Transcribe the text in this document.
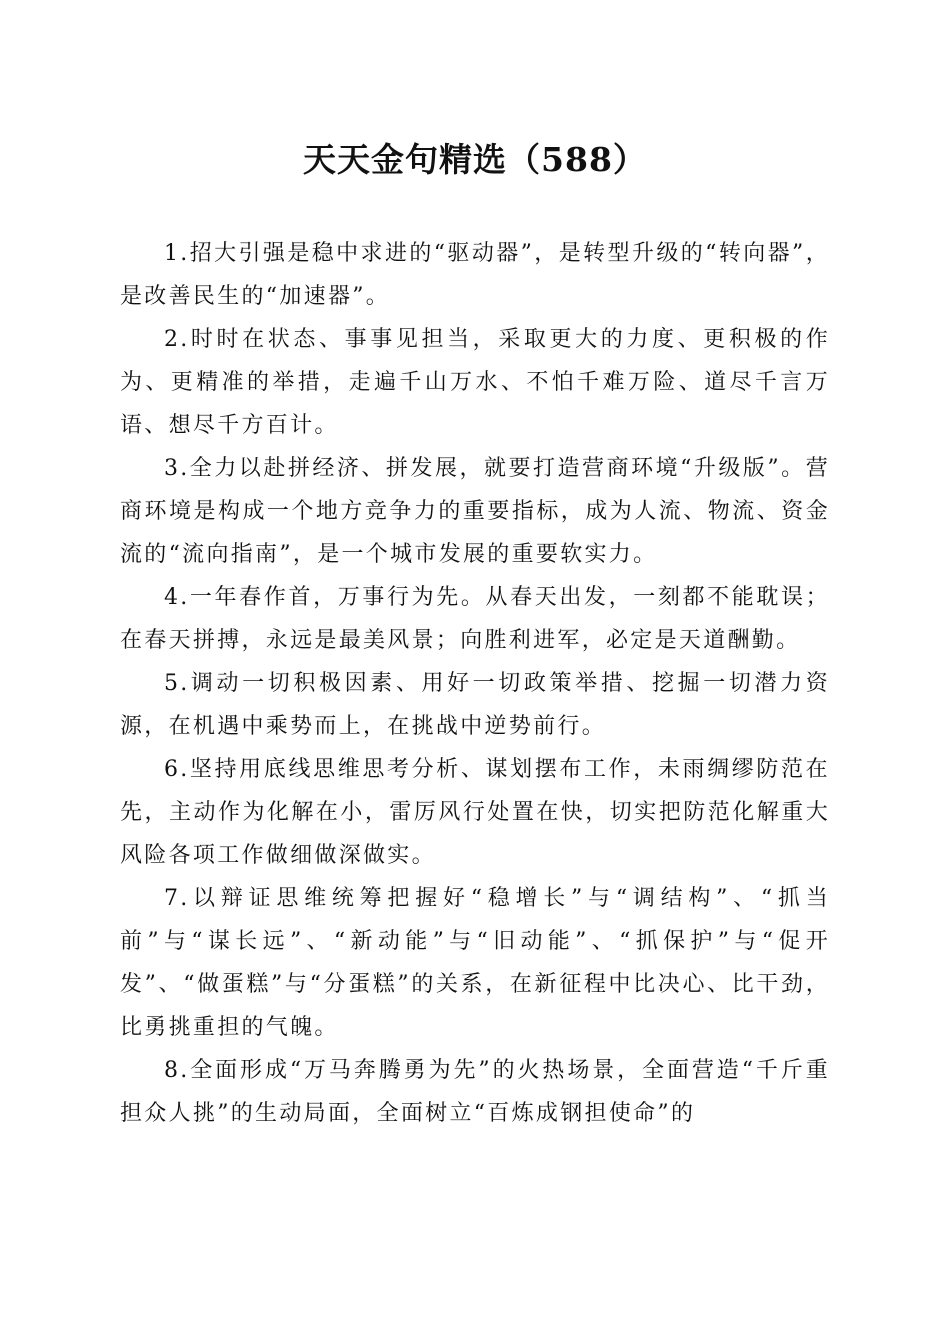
天天金句精选（588）

1.招大引强是稳中求进的“驱动器”，是转型升级的“转向器”，是改善民生的“加速器”。

2.时时在状态、事事见担当，采取更大的力度、更积极的作为、更精准的举措，走遍千山万水、不怕千难万险、道尽千言万语、想尽千方百计。

3.全力以赴拼经济、拼发展，就要打造营商环境“升级版”。营商环境是构成一个地方竞争力的重要指标，成为人流、物流、资金流的“流向指南”，是一个城市发展的重要软实力。

4.一年春作首，万事行为先。从春天出发，一刻都不能耽误；在春天拼搏，永远是最美风景；向胜利进军，必定是天道酬勤。

5.调动一切积极因素、用好一切政策举措、挖掘一切潜力资源，在机遇中乘势而上，在挑战中逆势前行。

6.坚持用底线思维思考分析、谋划摆布工作，未雨绸缪防范在先，主动作为化解在小，雷厉风行处置在快，切实把防范化解重大风险各项工作做细做深做实。

7.以辩证思维统筹把握好“稳增长”与“调结构”、“抓当前”与“谋长远”、“新动能”与“旧动能”、“抓保护”与“促开发”、“做蛋糕”与“分蛋糕”的关系，在新征程中比决心、比干劲，比勇挑重担的气魄。

8.全面形成“万马奔腾勇为先”的火热场景，全面营造“千斤重担众人挑”的生动局面，全面树立“百炼成钢担使命”的
